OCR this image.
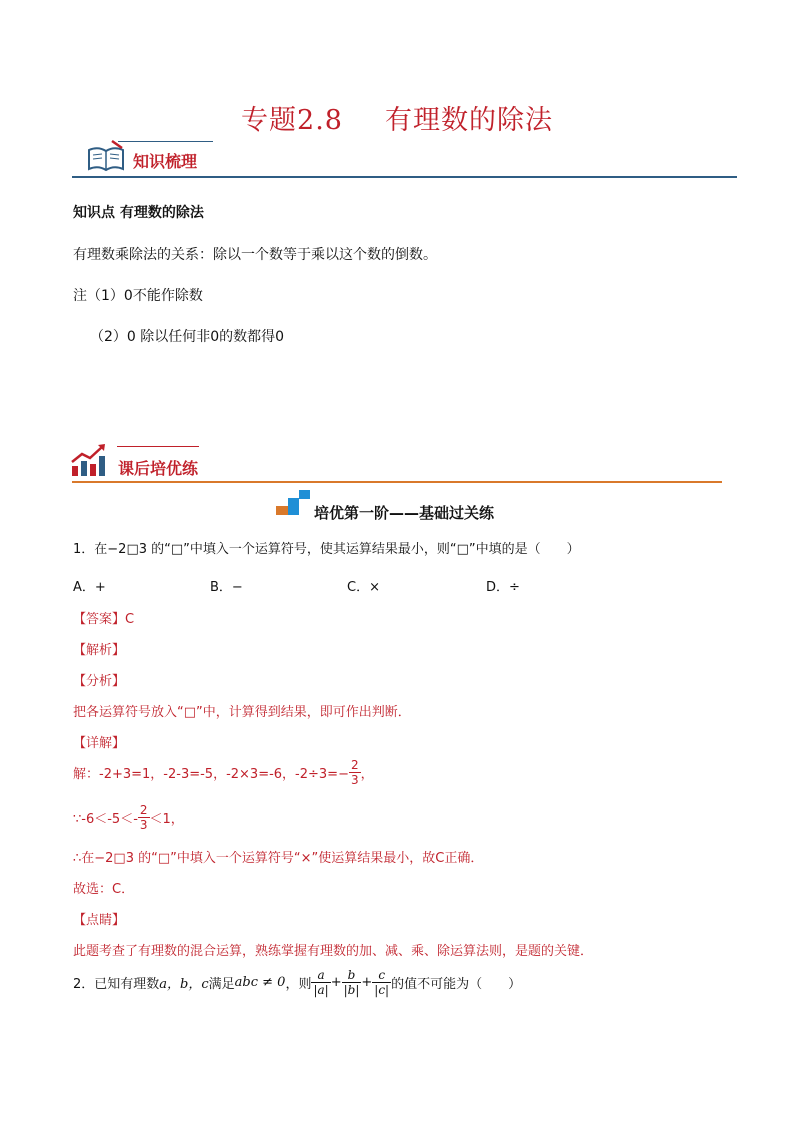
专题2.8 有理数的除法
知识梳理
知识点 有理数的除法
有理数乘除法的关系：除以一个数等于乘以这个数的倒数。
注（1）0不能作除数
（2）0 除以任何非0的数都得0
课后培优练
培优第一阶——基础过关练
1．在−2□3 的“□”中填入一个运算符号，使其运算结果最小，则“□”中填的是（　　）
A．+	B．−	C．×	D．÷
【答案】C
【解析】
【分析】
把各运算符号放入“□”中，计算得到结果，即可作出判断．
【详解】
解：-2+3=1，-2-3=-5，-2×3=-6，$-2\div 3=- \frac{2}{3}$ ，
∵-6＜-5＜- $\frac{2}{3} <1$，
∴在−2□3 的“□”中填入一个运算符号“×”使运算结果最小，故C正确．
故选：C．
【点睛】
此题考查了有理数的混合运算，熟练掌握有理数的加、减、乘、除运算法则，是题的关键．
2．已知有理数 a，b，c 满足 abc ≠ 0 ，则 $\frac{a}{|a|} + \frac{b}{|b|} + \frac{c}{|c|}$ 的值不可能为（　　）
